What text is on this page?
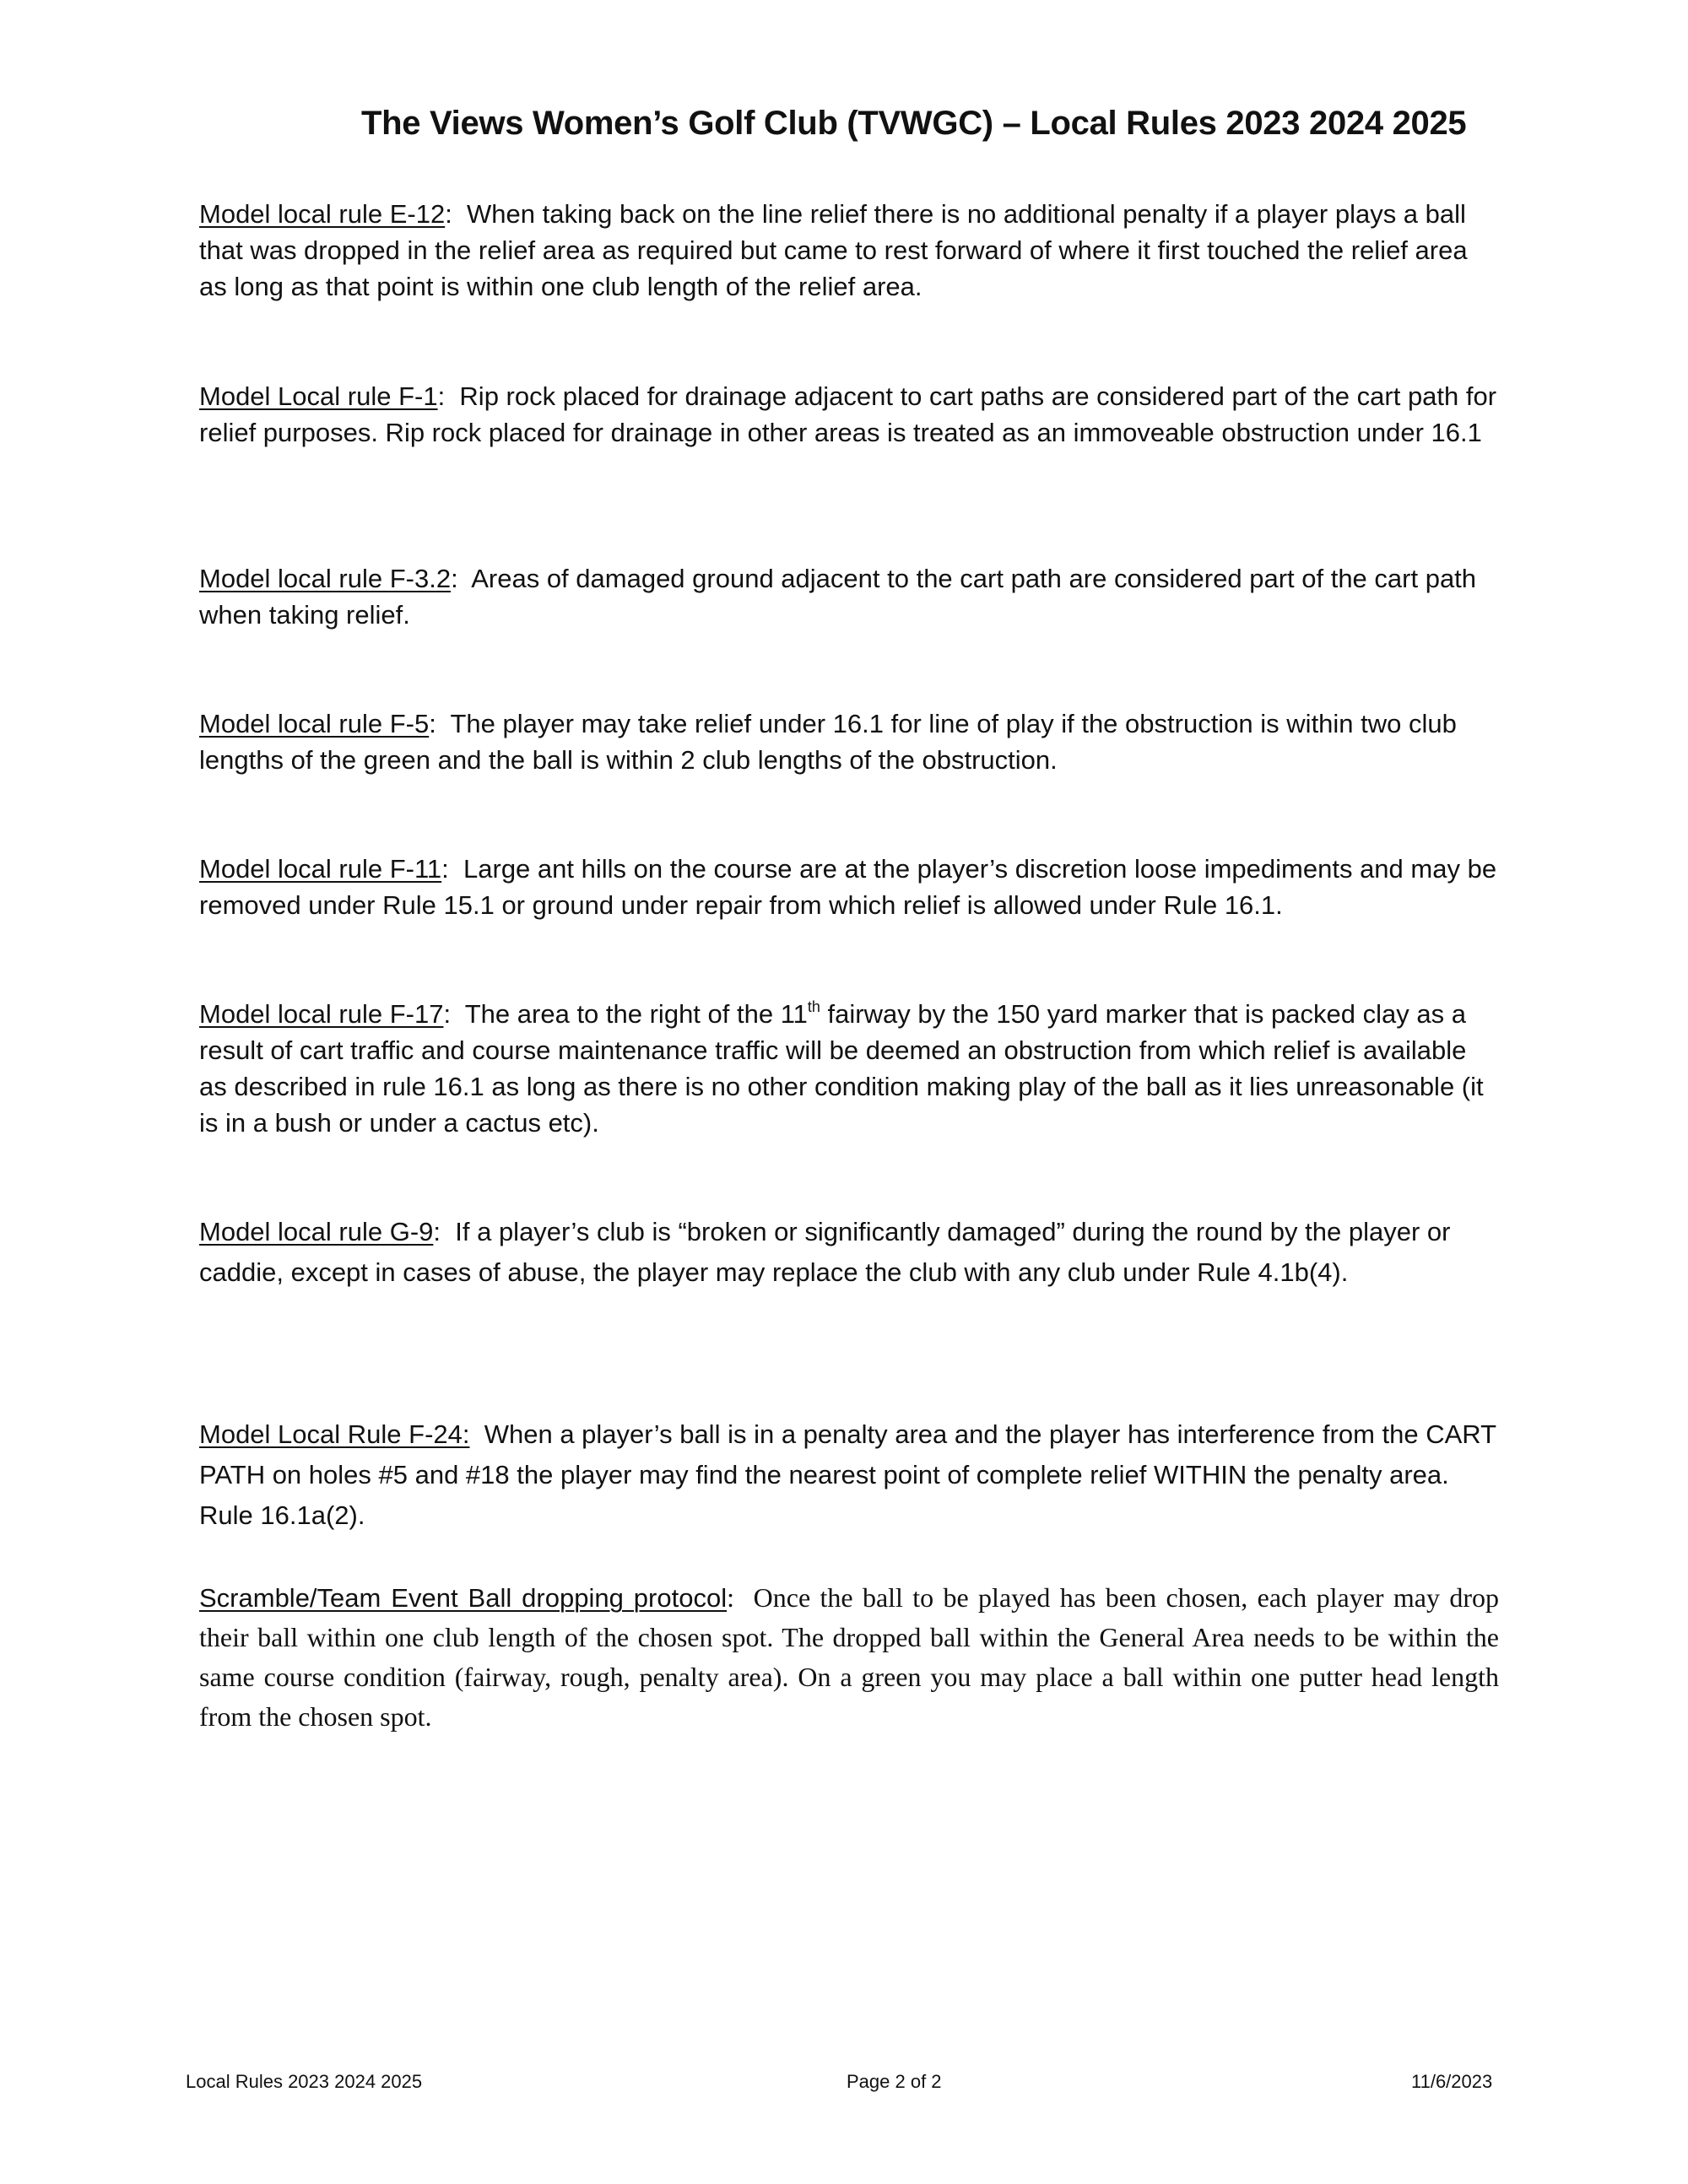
The Views Women’s Golf Club (TVWGC) – Local Rules 2023 2024 2025

Model local rule E-12:  When taking back on the line relief there is no additional penalty if a player plays a ball that was dropped in the relief area as required but came to rest forward of where it first touched the relief area as long as that point is within one club length of the relief area.

Model Local rule F-1:  Rip rock placed for drainage adjacent to cart paths are considered part of the cart path for relief purposes. Rip rock placed for drainage in other areas is treated as an immoveable obstruction under 16.1

Model local rule F-3.2:  Areas of damaged ground adjacent to the cart path are considered part of the cart path when taking relief.

Model local rule F-5:  The player may take relief under 16.1 for line of play if the obstruction is within two club lengths of the green and the ball is within 2 club lengths of the obstruction.

Model local rule F-11:  Large ant hills on the course are at the player’s discretion loose impediments and may be removed under Rule 15.1 or ground under repair from which relief is allowed under Rule 16.1.

Model local rule F-17:  The area to the right of the 11th fairway by the 150 yard marker that is packed clay as a result of cart traffic and course maintenance traffic will be deemed an obstruction from which relief is available as described in rule 16.1 as long as there is no other condition making play of the ball as it lies unreasonable (it is in a bush or under a cactus etc).

Model local rule G-9:  If a player’s club is “broken or significantly damaged” during the round by the player or caddie, except in cases of abuse, the player may replace the club with any club under Rule 4.1b(4).

Model Local Rule F-24: When a player’s ball is in a penalty area and the player has interference from the CART PATH on holes #5 and #18 the player may find the nearest point of complete relief WITHIN the penalty area. Rule 16.1a(2).

Scramble/Team Event Ball dropping protocol:  Once the ball to be played has been chosen, each player may drop their ball within one club length of the chosen spot. The dropped ball within the General Area needs to be within the same course condition (fairway, rough, penalty area). On a green you may place a ball within one putter head length from the chosen spot.

Local Rules 2023 2024 2025	Page 2 of 2	11/6/2023
